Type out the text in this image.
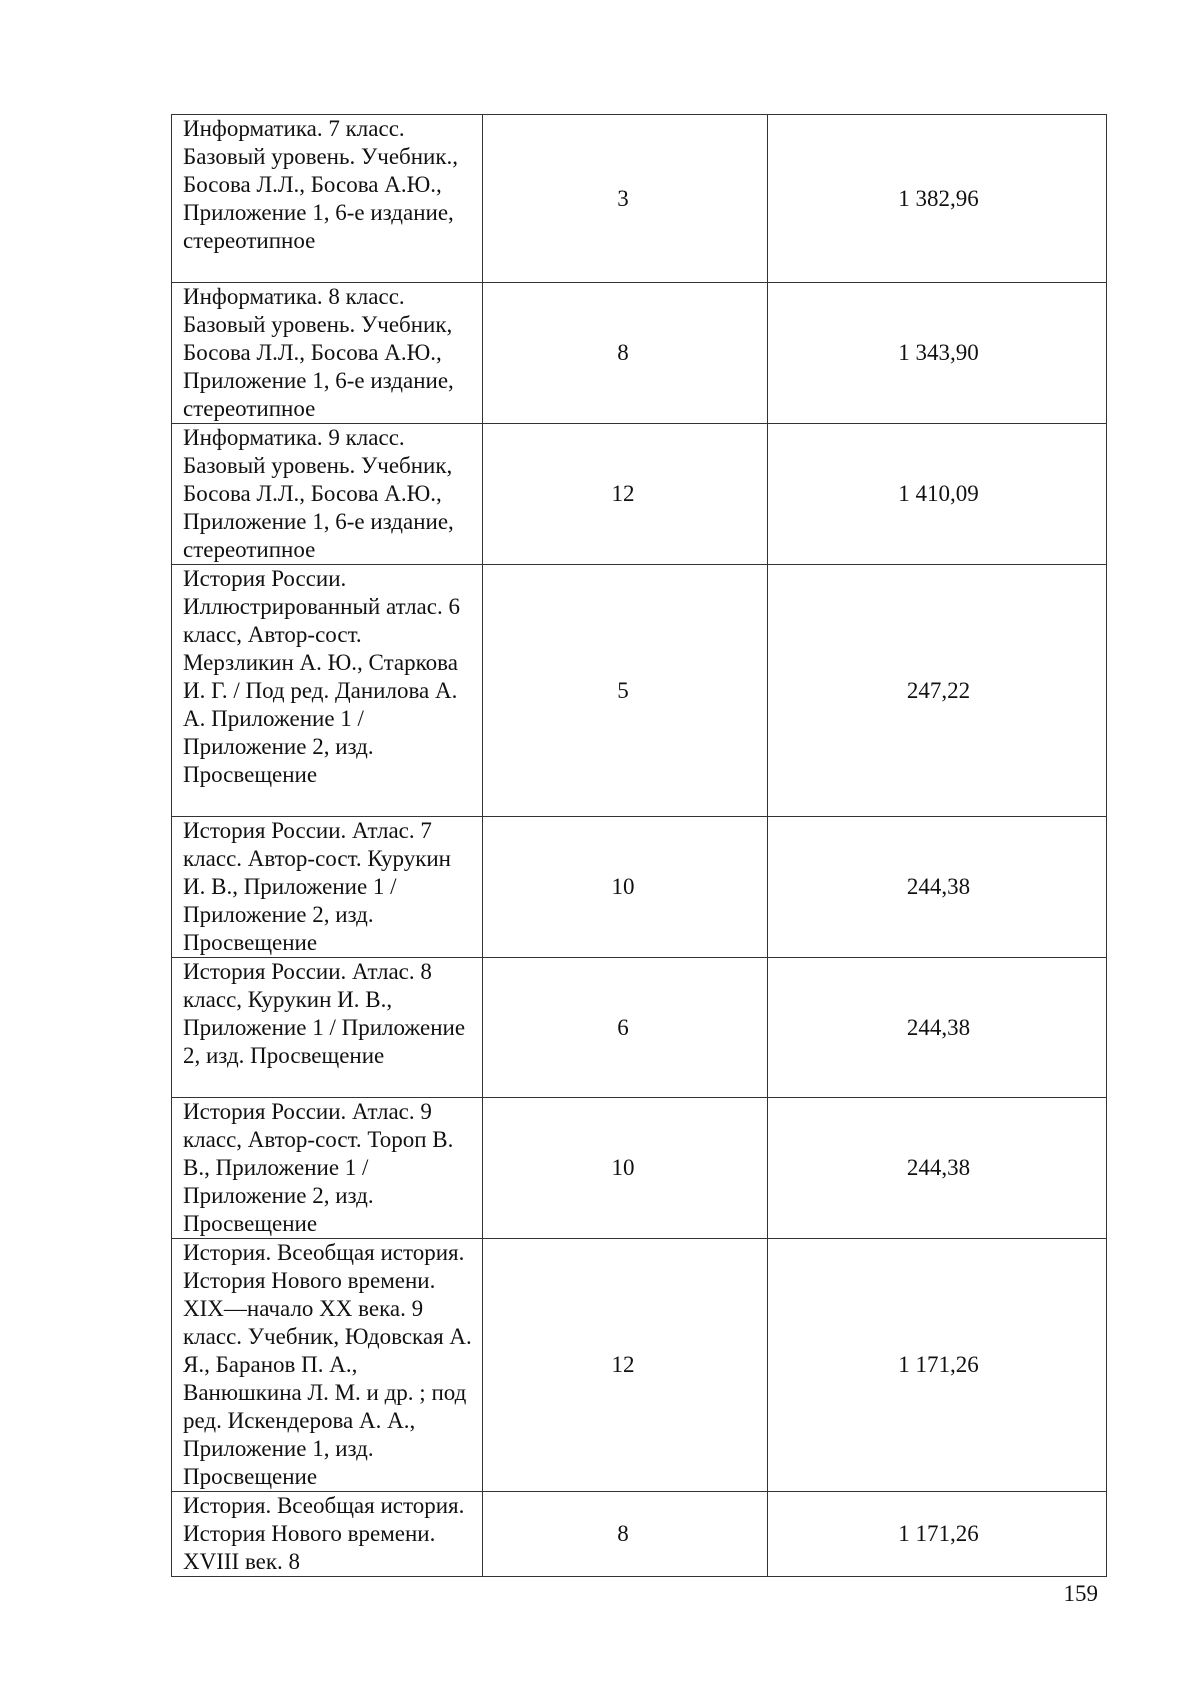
Информатика. 7 класс. Базовый уровень. Учебник., Босова Л.Л., Босова А.Ю., Приложение 1, 6-е издание, стереотипное	3	1 382,96

Информатика. 8 класс. Базовый уровень. Учебник, Босова Л.Л., Босова А.Ю., Приложение 1, 6-е издание, стереотипное	8	1 343,90

Информатика. 9 класс. Базовый уровень. Учебник, Босова Л.Л., Босова А.Ю., Приложение 1, 6-е издание, стереотипное	12	1 410,09

История России. Иллюстрированный атлас. 6 класс, Автор-сост. Мерзликин А. Ю., Старкова И. Г. / Под ред. Данилова А. А. Приложение 1 / Приложение 2, изд. Просвещение	5	247,22

История России. Атлас. 7 класс. Автор-сост. Курукин И. В., Приложение 1 / Приложение 2, изд. Просвещение	10	244,38

История России. Атлас. 8 класс, Курукин И. В., Приложение 1 / Приложение 2, изд. Просвещение	6	244,38

История России. Атлас. 9 класс, Автор-сост. Тороп В. В., Приложение 1 / Приложение 2, изд. Просвещение	10	244,38

История. Всеобщая история. История Нового времени. XIX—начало XX века. 9 класс. Учебник, Юдовская А. Я., Баранов П. А., Ванюшкина Л. М. и др. ; под ред. Искендерова А. А., Приложение 1, изд. Просвещение	12	1 171,26

История. Всеобщая история. История Нового времени. XVIII век. 8	8	1 171,26
159
